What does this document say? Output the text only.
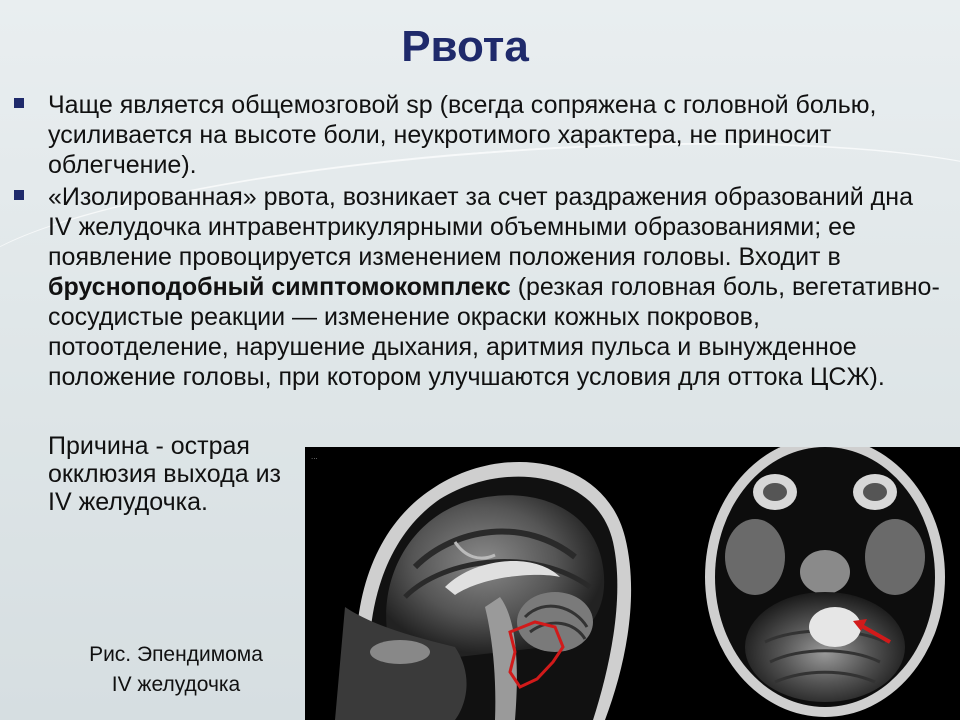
Рвота
Чаще является общемозговой sp (всегда сопряжена с головной болью, усиливается на высоте боли, неукротимого характера, не приносит облегчение).
«Изолированная» рвота, возникает за счет раздражения образований дна IV желудочка интравентрикулярными объемными образованиями; ее появление провоцируется изменением положения головы. Входит в брусноподобный симптомокомплекс (резкая головная боль, вегетативно-сосудистые реакции — изменение окраски кожных покровов, потоотделение, нарушение дыхания, аритмия пульса и вынужденное положение головы, при котором улучшаются условия для оттока ЦСЖ).

Причина - острая окклюзия выхода из IV желудочка.

Рис. Эпендимома
IV желудочка
...
